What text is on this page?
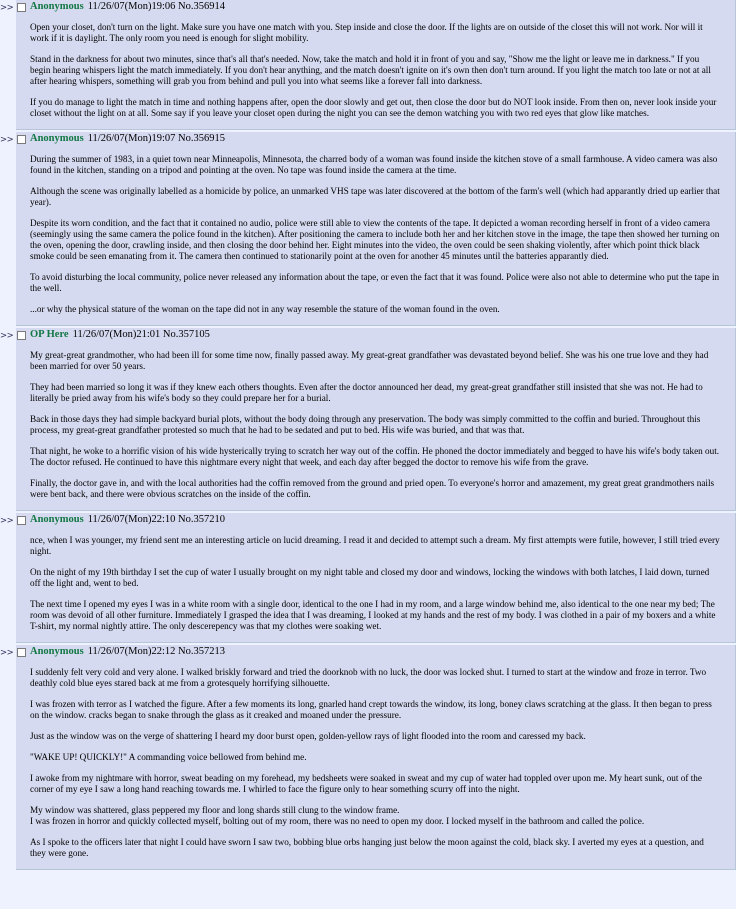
>> Anonymous 11/26/07(Mon)19:06 No.356914

Open your closet, don't turn on the light. Make sure you have one match with you. Step inside and close the door. If the lights are on outside of the closet this will not work. Nor will it work if it is daylight. The only room you need is enough for slight mobility.

Stand in the darkness for about two minutes, since that's all that's needed. Now, take the match and hold it in front of you and say, "Show me the light or leave me in darkness." If you begin hearing whispers light the match immediately. If you don't hear anything, and the match doesn't ignite on it's own then don't turn around. If you light the match too late or not at all after hearing whispers, something will grab you from behind and pull you into what seems like a forever fall into darkness.

If you do manage to light the match in time and nothing happens after, open the door slowly and get out, then close the door but do NOT look inside. From then on, never look inside your closet without the light on at all. Some say if you leave your closet open during the night you can see the demon watching you with two red eyes that glow like matches.

>> Anonymous 11/26/07(Mon)19:07 No.356915

During the summer of 1983, in a quiet town near Minneapolis, Minnesota, the charred body of a woman was found inside the kitchen stove of a small farmhouse. A video camera was also found in the kitchen, standing on a tripod and pointing at the oven. No tape was found inside the camera at the time.

Although the scene was originally labelled as a homicide by police, an unmarked VHS tape was later discovered at the bottom of the farm's well (which had apparantly dried up earlier that year).

Despite its worn condition, and the fact that it contained no audio, police were still able to view the contents of the tape. It depicted a woman recording herself in front of a video camera (seemingly using the same camera the police found in the kitchen). After positioning the camera to include both her and her kitchen stove in the image, the tape then showed her turning on the oven, opening the door, crawling inside, and then closing the door behind her. Eight minutes into the video, the oven could be seen shaking violently, after which point thick black smoke could be seen emanating from it. The camera then continued to stationarily point at the oven for another 45 minutes until the batteries apparantly died.

To avoid disturbing the local community, police never released any information about the tape, or even the fact that it was found. Police were also not able to determine who put the tape in the well.

...or why the physical stature of the woman on the tape did not in any way resemble the stature of the woman found in the oven.

>> OP Here 11/26/07(Mon)21:01 No.357105

My great-great grandmother, who had been ill for some time now, finally passed away. My great-great grandfather was devastated beyond belief. She was his one true love and they had been married for over 50 years.

They had been married so long it was if they knew each others thoughts. Even after the doctor announced her dead, my great-great grandfather still insisted that she was not. He had to literally be pried away from his wife's body so they could prepare her for a burial.

Back in those days they had simple backyard burial plots, without the body doing through any preservation. The body was simply committed to the coffin and buried. Throughout this process, my great-great grandfather protested so much that he had to be sedated and put to bed. His wife was buried, and that was that.

That night, he woke to a horrific vision of his wide hysterically trying to scratch her way out of the coffin. He phoned the doctor immediately and begged to have his wife's body taken out. The doctor refused. He continued to have this nightmare every night that week, and each day after begged the doctor to remove his wife from the grave.

Finally, the doctor gave in, and with the local authorities had the coffin removed from the ground and pried open. To everyone's horror and amazement, my great great grandmothers nails were bent back, and there were obvious scratches on the inside of the coffin.

>> Anonymous 11/26/07(Mon)22:10 No.357210

nce, when I was younger, my friend sent me an interesting article on lucid dreaming. I read it and decided to attempt such a dream. My first attempts were futile, however, I still tried every night.

On the night of my 19th birthday I set the cup of water I usually brought on my night table and closed my door and windows, locking the windows with both latches, I laid down, turned off the light and, went to bed.

The next time I opened my eyes I was in a white room with a single door, identical to the one I had in my room, and a large window behind me, also identical to the one near my bed; The room was devoid of all other furniture. Immediately I grasped the idea that I was dreaming, I looked at my hands and the rest of my body. I was clothed in a pair of my boxers and a white T-shirt, my normal nightly attire. The only descerepency was that my clothes were soaking wet.

>> Anonymous 11/26/07(Mon)22:12 No.357213

I suddenly felt very cold and very alone. I walked briskly forward and tried the doorknob with no luck, the door was locked shut. I turned to start at the window and froze in terror. Two deathly cold blue eyes stared back at me from a grotesquely horrifying silhouette.

I was frozen with terror as I watched the figure. After a few moments its long, gnarled hand crept towards the window, its long, boney claws scratching at the glass. It then began to press on the window. cracks began to snake through the glass as it creaked and moaned under the pressure.

Just as the window was on the verge of shattering I heard my door burst open, golden-yellow rays of light flooded into the room and caressed my back.

"WAKE UP! QUICKLY!" A commanding voice bellowed from behind me.

I awoke from my nightmare with horror, sweat beading on my forehead, my bedsheets were soaked in sweat and my cup of water had toppled over upon me. My heart sunk, out of the corner of my eye I saw a long hand reaching towards me. I whirled to face the figure only to hear something scurry off into the night.

My window was shattered, glass peppered my floor and long shards still clung to the window frame.

I was frozen in horror and quickly collected myself, bolting out of my room, there was no need to open my door. I locked myself in the bathroom and called the police.

As I spoke to the officers later that night I could have sworn I saw two, bobbing blue orbs hanging just below the moon against the cold, black sky. I averted my eyes at a question, and they were gone.
